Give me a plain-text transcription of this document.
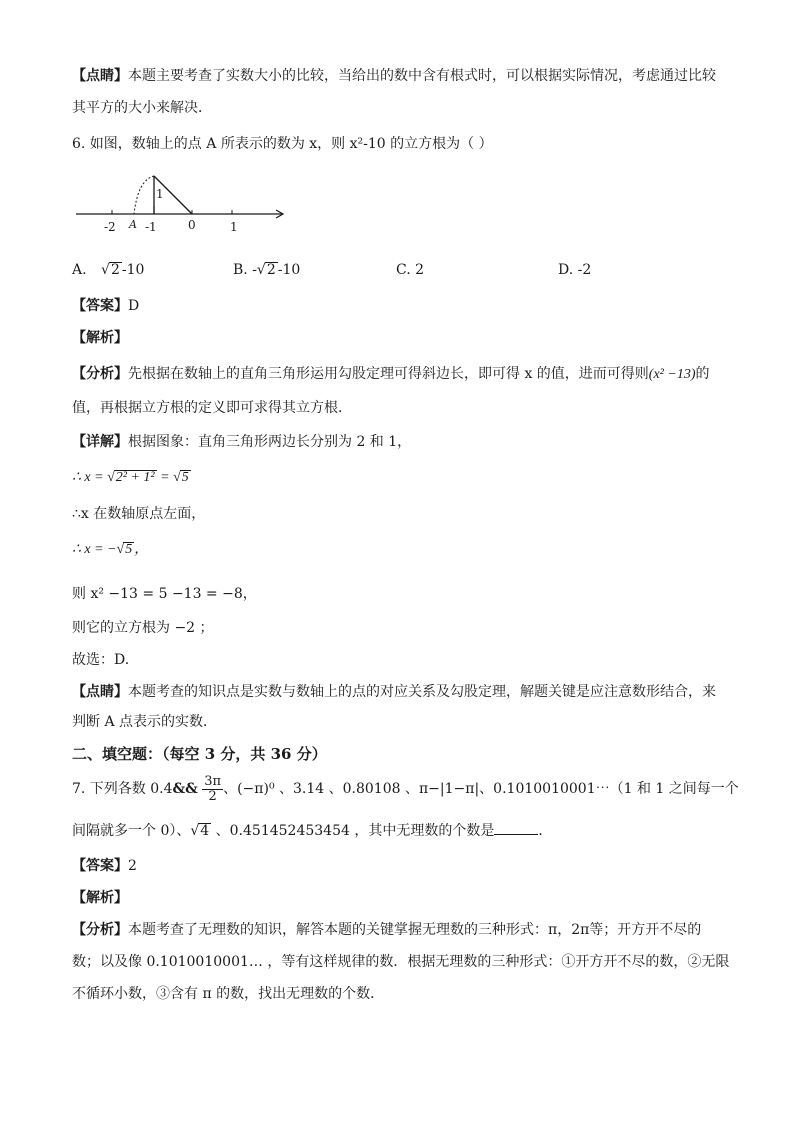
【点睛】本题主要考查了实数大小的比较，当给出的数中含有根式时，可以根据实际情况，考虑通过比较
其平方的大小来解决．
6. 如图，数轴上的点 A 所表示的数为 x，则 x²-10 的立方根为（ ）
1
-2 A -1	0	1
A. √2 -10	B. -√2 -10	C. 2	D. -2
【答案】D
【解析】
【分析】先根据在数轴上的直角三角形运用勾股定理可得斜边长，即可得 x 的值，进而可得则(x² −13)的
值，再根据立方根的定义即可求得其立方根．
【详解】根据图象：直角三角形两边长分别为 2 和 1，
∴ x = √2² + 1² = √5
∴x 在数轴原点左面，
∴ x = −√5 ，
则 x² −13 = 5 −13 = −8，
则它的立方根为 −2 ；
故选：D.
【点睛】本题考查的知识点是实数与数轴上的点的对应关系及勾股定理，解题关键是应注意数形结合，来
判断 A 点表示的实数．
二、填空题：（每空 3 分，共 36 分）
7. 下列各数 0.4&& $\frac{3\pi}{2}$ 、(−π)⁰ 、3.14 、0.80108 、π−|1−π|、0.1010010001⋯（1 和 1 之间每一个
间隔就多一个 0）、√4 、0.451452453454 ，其中无理数的个数是	．
【答案】2
【解析】
【分析】本题考查了无理数的知识，解答本题的关键掌握无理数的三种形式：π，2π等；开方开不尽的
数；以及像 0.1010010001… ，等有这样规律的数．根据无理数的三种形式：①开方开不尽的数，②无限
不循环小数，③含有 π 的数，找出无理数的个数．
